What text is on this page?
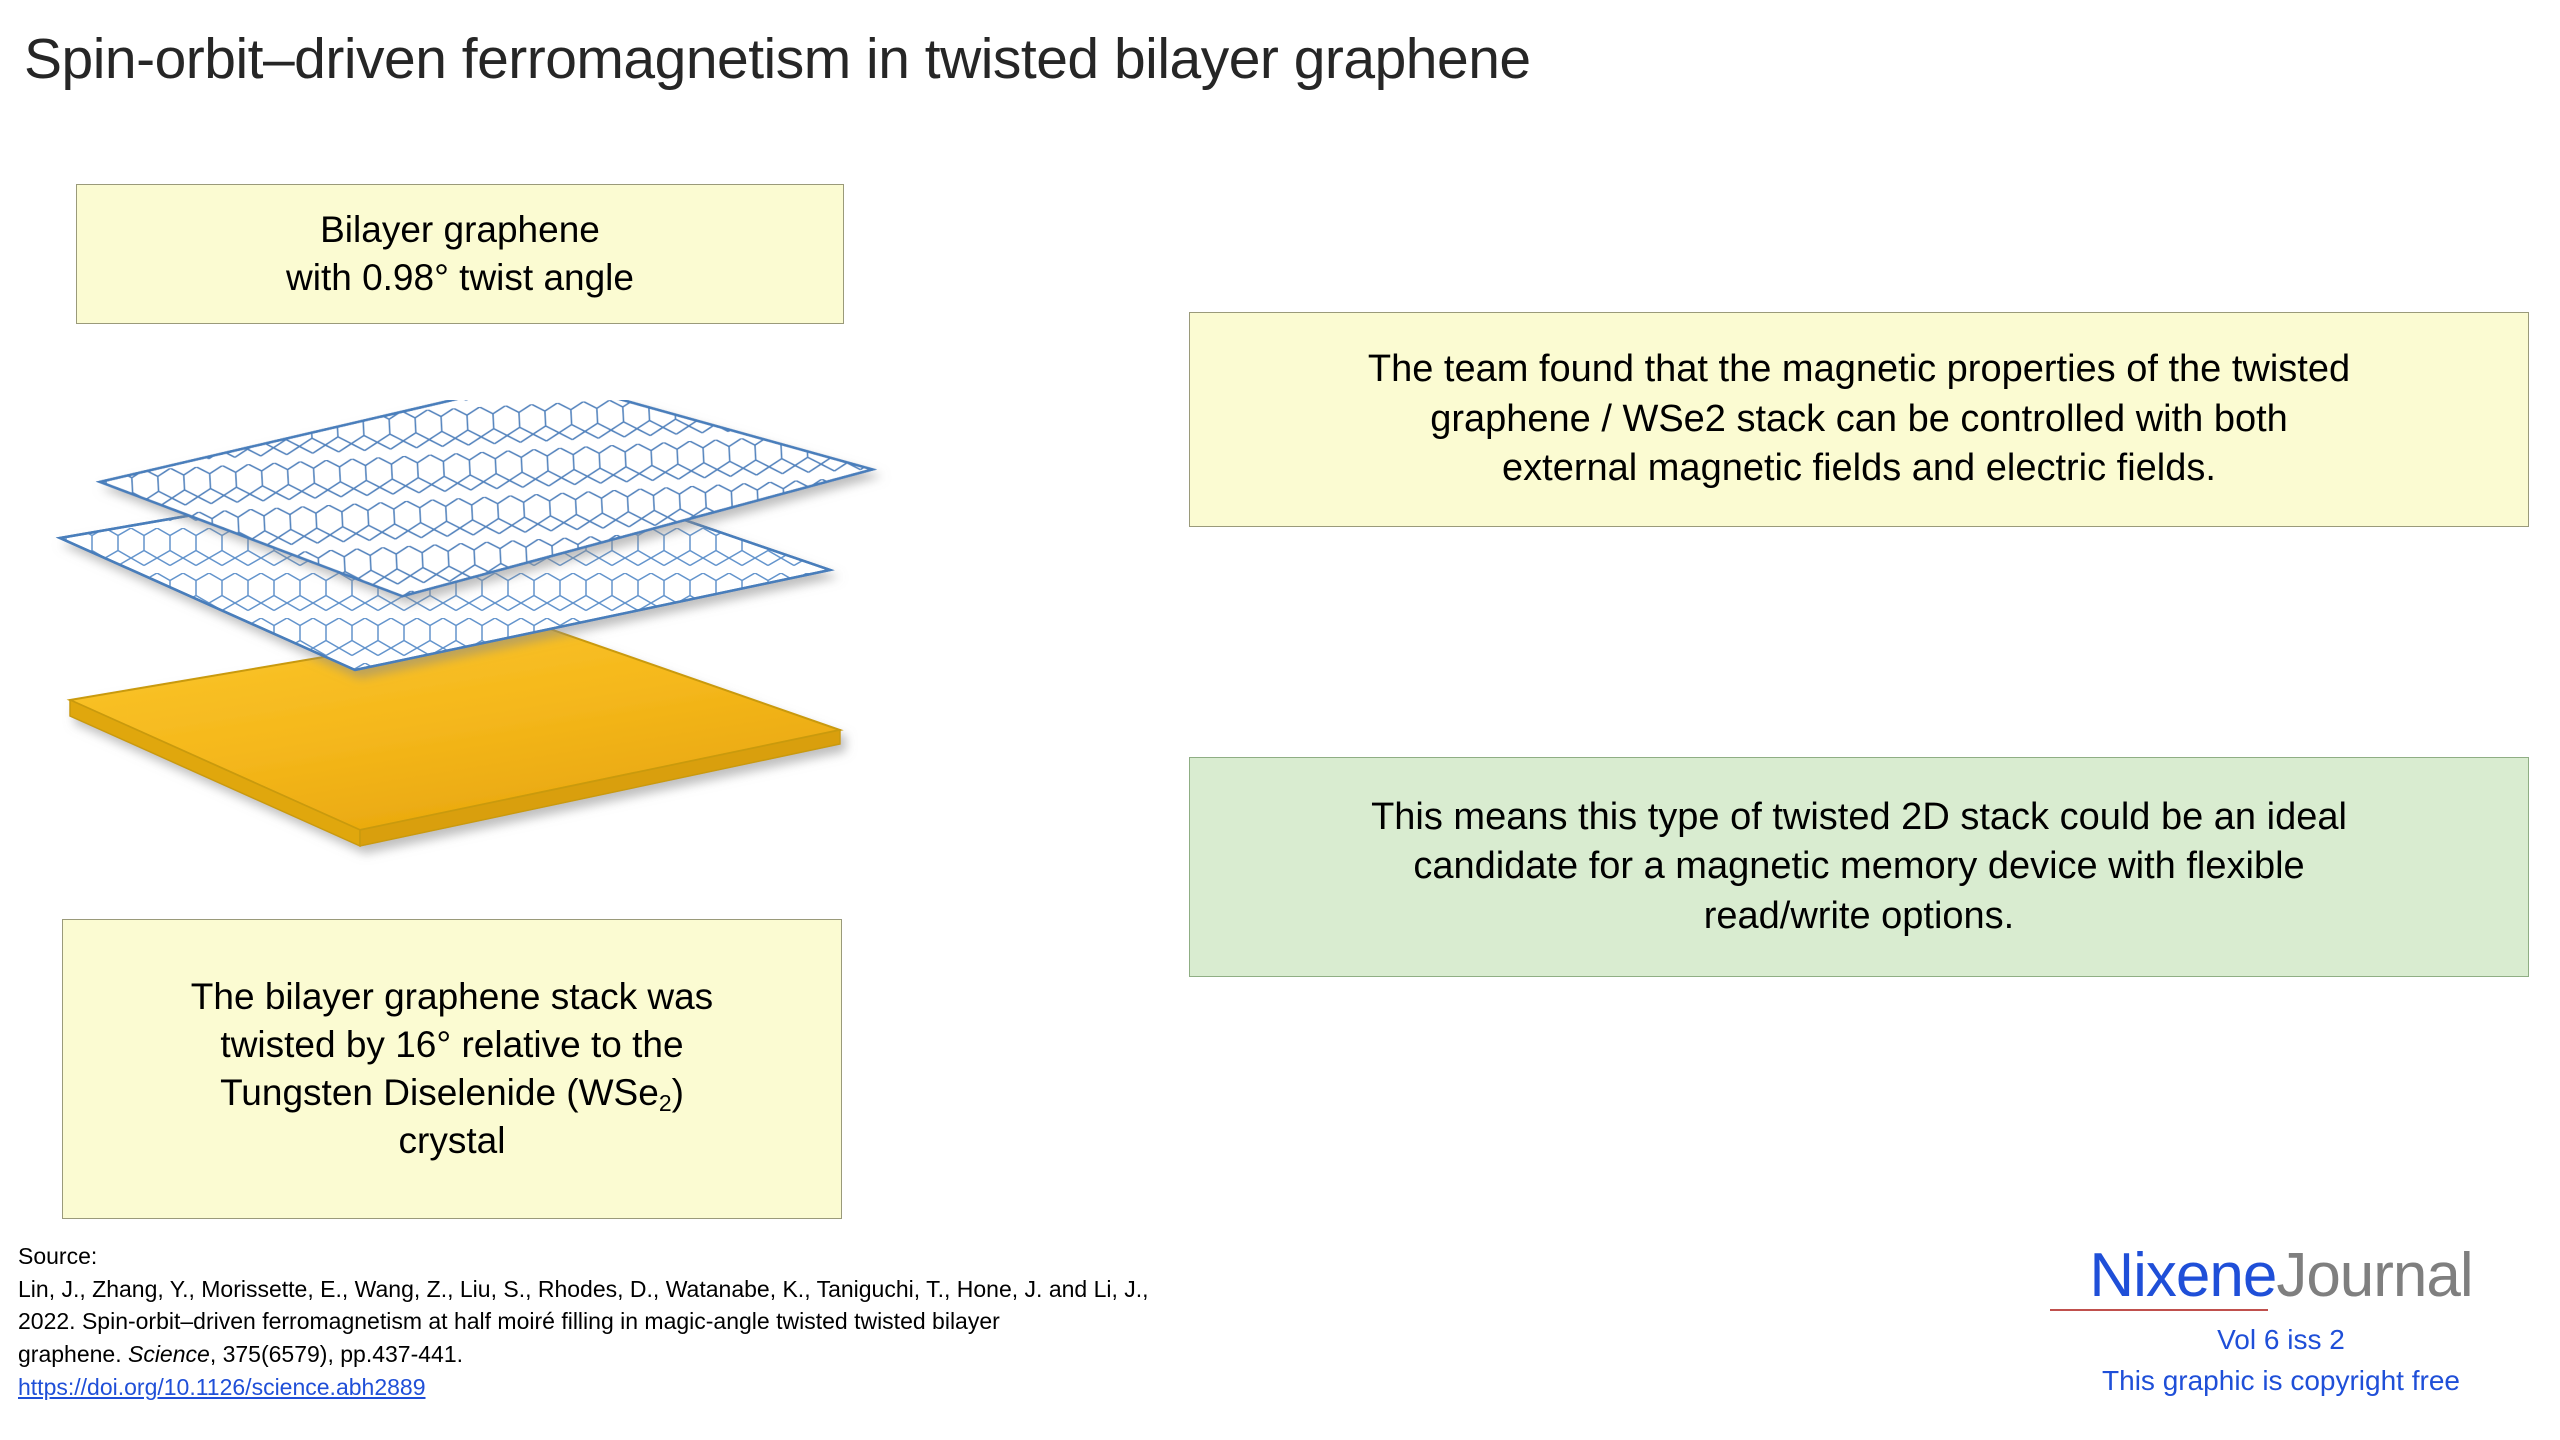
Spin-orbit–driven ferromagnetism in twisted bilayer graphene
Bilayer graphene
with 0.98° twist angle
The team found that the magnetic properties of the twisted
graphene / WSe2 stack can be controlled with both
external magnetic fields and electric fields.
This means this type of twisted 2D stack could be an ideal
candidate for a magnetic memory device with flexible
read/write options.
The bilayer graphene stack was
twisted by 16° relative to the
Tungsten Diselenide (WSe$_2$)
crystal
Source:
Lin, J., Zhang, Y., Morissette, E., Wang, Z., Liu, S., Rhodes, D., Watanabe, K., Taniguchi, T., Hone, J. and Li, J.,
2022. Spin-orbit–driven ferromagnetism at half moiré filling in magic-angle twisted twisted bilayer
graphene. Science, 375(6579), pp.437-441.
https://doi.org/10.1126/science.abh2889
NixeneJournal
Vol 6 iss 2
This graphic is copyright free
